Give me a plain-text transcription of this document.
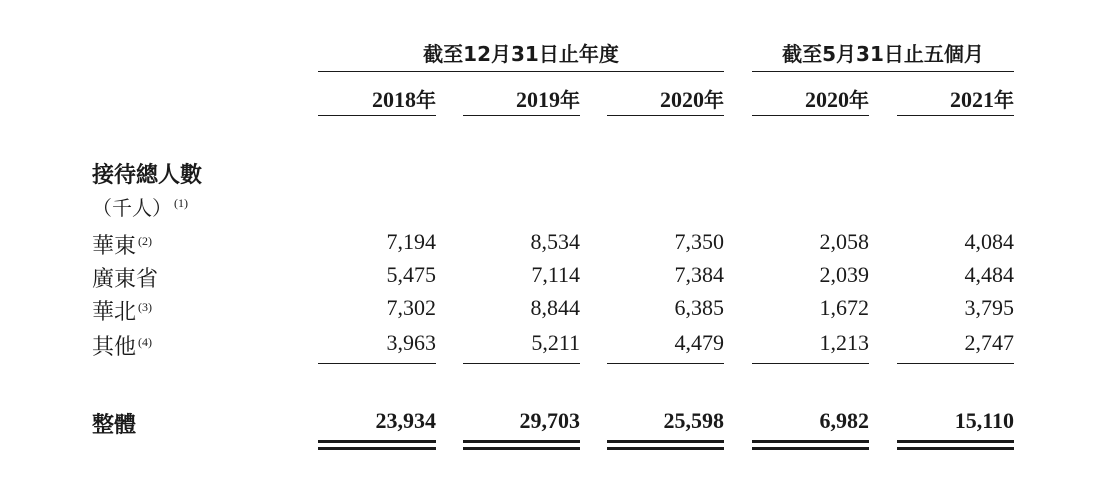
截至12月31日止年度	截至5月31日止五個月
2018年	2019年	2020年	2020年	2021年
接待總人數
（千人） $^{(1)}$
華東 $^{(2)}$	7,194	8,534	7,350	2,058	4,084
廣東省	5,475	7,114	7,384	2,039	4,484
華北 $^{(3)}$	7,302	8,844	6,385	1,672	3,795
其他 $^{(4)}$	3,963	5,211	4,479	1,213	2,747
整體	23,934	29,703	25,598	6,982	15,110
